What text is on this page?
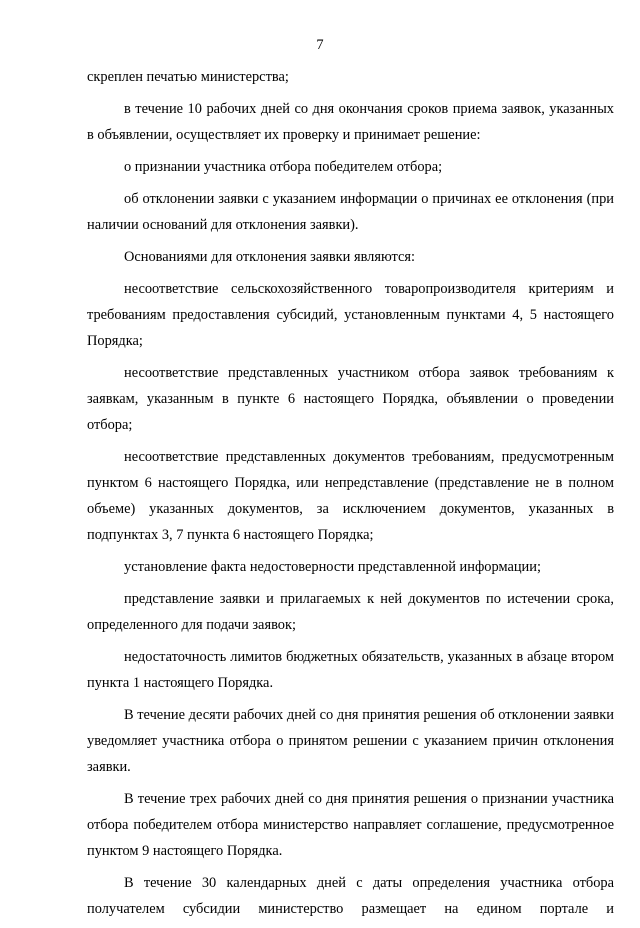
7

скреплен печатью министерства;

в течение 10 рабочих дней со дня окончания сроков приема заявок, указанных в объявлении, осуществляет их проверку и принимает решение:

о признании участника отбора победителем отбора;

об отклонении заявки с указанием информации о причинах ее отклонения (при наличии оснований для отклонения заявки).

Основаниями для отклонения заявки являются:

несоответствие сельскохозяйственного товаропроизводителя критериям и требованиям предоставления субсидий, установленным пунктами 4, 5 настоящего Порядка;

несоответствие представленных участником отбора заявок требованиям к заявкам, указанным в пункте 6 настоящего Порядка, объявлении о проведении отбора;

несоответствие представленных документов требованиям, предусмотренным пунктом 6 настоящего Порядка, или непредставление (представление не в полном объеме) указанных документов, за исключением документов, указанных в подпунктах 3, 7 пункта 6 настоящего Порядка;

установление факта недостоверности представленной информации;

представление заявки и прилагаемых к ней документов по истечении срока, определенного для подачи заявок;

недостаточность лимитов бюджетных обязательств, указанных в абзаце втором пункта 1 настоящего Порядка.

В течение десяти рабочих дней со дня принятия решения об отклонении заявки уведомляет участника отбора о принятом решении с указанием причин отклонения заявки.

В течение трех рабочих дней со дня принятия решения о признании участника отбора победителем отбора министерство направляет соглашение, предусмотренное пунктом 9 настоящего Порядка.

В течение 30 календарных дней с даты определения участника отбора получателем субсидии министерство размещает на едином портале и
